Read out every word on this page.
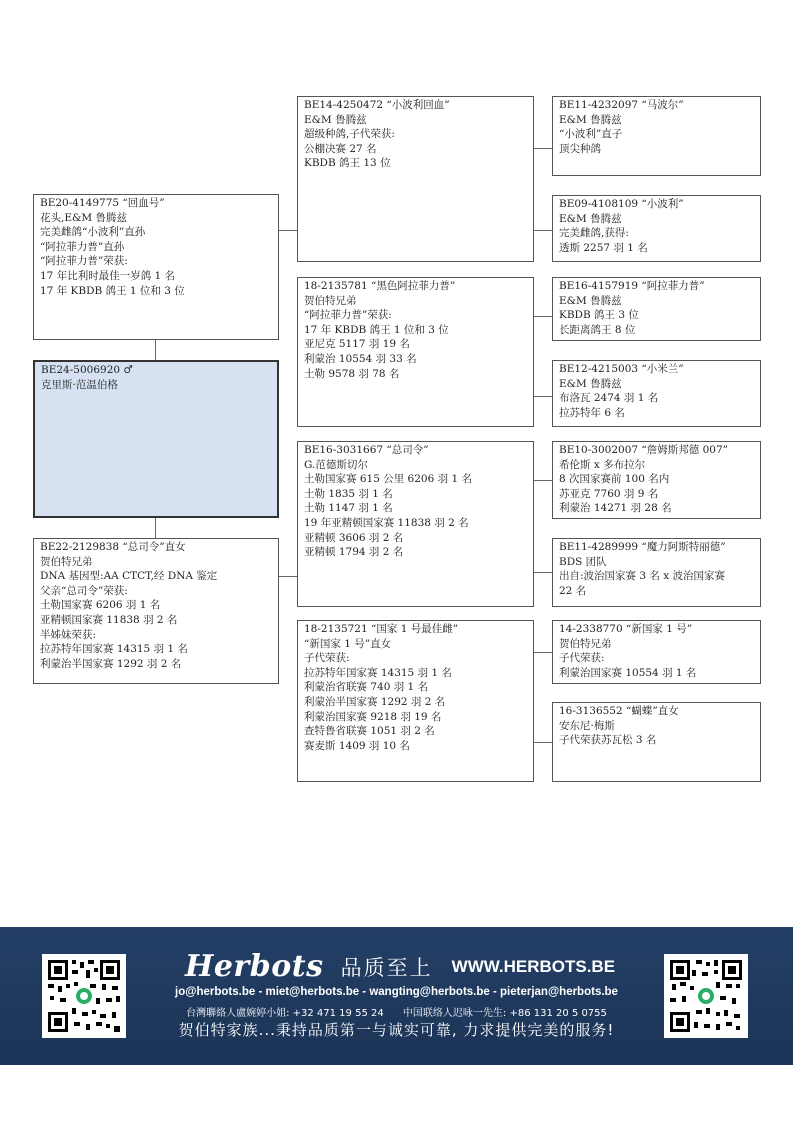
BE20-4149775 “回血号”
花头,E&M 鲁腾兹
完美雌鸽“小波利”直孙
“阿拉菲力普”直孙
“阿拉菲力普”荣获:
17 年比利时最佳一岁鸽 1 名
17 年 KBDB 鸽王 1 位和 3 位
BE24-5006920 ♂
克里斯·范温伯格
BE22-2129838 “总司令”直女
贺伯特兄弟
DNA 基因型:AA CTCT,经 DNA 鉴定
父亲“总司令”荣获:
土勒国家赛 6206 羽 1 名
亚精顿国家赛 11838 羽 2 名
半姊妹荣获:
拉苏特年国家赛 14315 羽 1 名
利蒙治半国家赛 1292 羽 2 名
BE14-4250472 “小波利回血”
E&M 鲁腾兹
超级种鸽,子代荣获:
公棚决赛 27 名
KBDB 鸽王 13 位
18-2135781 “黑色阿拉菲力普”
贺伯特兄弟
“阿拉菲力普”荣获:
17 年 KBDB 鸽王 1 位和 3 位
亚尼克 5117 羽 19 名
利蒙治 10554 羽 33 名
土勒 9578 羽 78 名
BE16-3031667 “总司令”
G.范德斯切尔
土勒国家赛 615 公里 6206 羽 1 名
土勒 1835 羽 1 名
土勒 1147 羽 1 名
19 年亚精顿国家赛 11838 羽 2 名
亚精顿 3606 羽 2 名
亚精顿 1794 羽 2 名
18-2135721 “国家 1 号最佳雌”
“新国家 1 号”直女
子代荣获:
拉苏特年国家赛 14315 羽 1 名
利蒙治省联赛 740 羽 1 名
利蒙治半国家赛 1292 羽 2 名
利蒙治国家赛 9218 羽 19 名
查特鲁省联赛 1051 羽 2 名
赛麦斯 1409 羽 10 名
BE11-4232097 “马波尔”
E&M 鲁腾兹
“小波利”直子
顶尖种鸽
BE09-4108109 “小波利”
E&M 鲁腾兹
完美雌鸽,获得:
透斯 2257 羽 1 名
BE16-4157919 “阿拉菲力普”
E&M 鲁腾兹
KBDB 鸽王 3 位
长距离鸽王 8 位
BE12-4215003 “小米兰”
E&M 鲁腾兹
布洛瓦 2474 羽 1 名
拉苏特年 6 名
BE10-3002007 “詹姆斯邦德 007”
希伦斯 x 多布拉尔
8 次国家赛前 100 名内
苏亚克 7760 羽 9 名
利蒙治 14271 羽 28 名
BE11-4289999 “魔力阿斯特丽德”
BDS 团队
出自:波治国家赛 3 名 x 波治国家赛
22 名
14-2338770 “新国家 1 号”
贺伯特兄弟
子代荣获:
利蒙治国家赛 10554 羽 1 名
16-3136552 “蝴蝶”直女
安东尼·梅斯
子代荣获苏瓦松 3 名
Herbots 品质至上 WWW.HERBOTS.BE
jo@herbots.be - miet@herbots.be - wangting@herbots.be - pieterjan@herbots.be
台灣聯絡人盧婉婷小姐: +32 471 19 55 24 中国联络人迟咏一先生: +86 131 20 5 0755
贺伯特家族...秉持品质第一与诚实可靠, 力求提供完美的服务!
